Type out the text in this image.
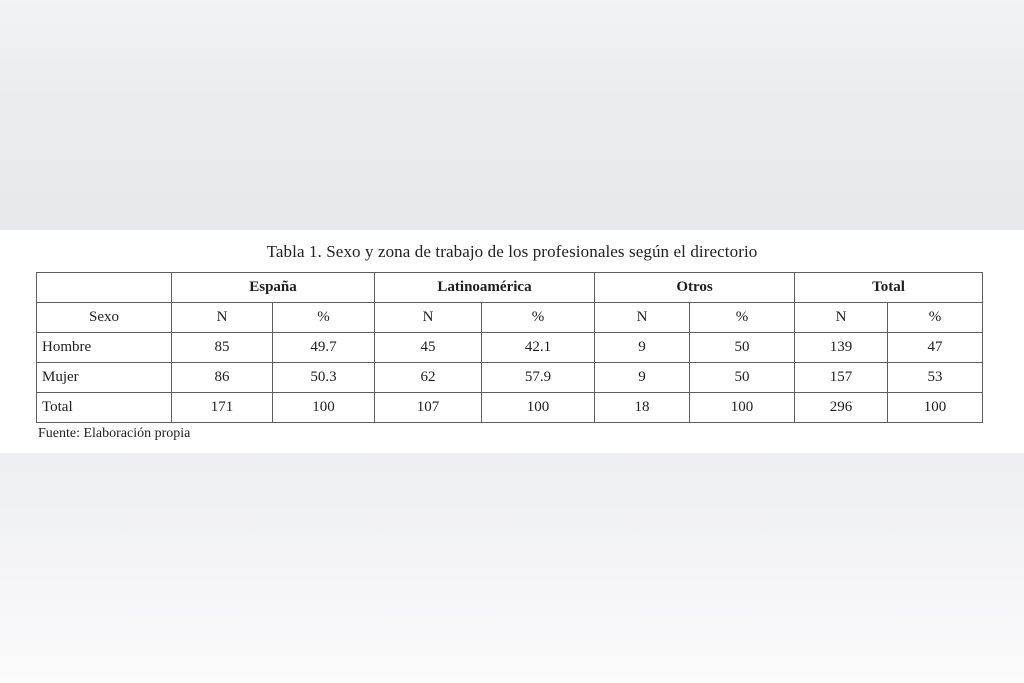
Tabla 1. Sexo y zona de trabajo de los profesionales según el directorio
	España		Latinoamérica		Otros		Total	
Sexo	N	%	N	%	N	%	N	%
Hombre	85	49.7	45	42.1	9	50	139	47
Mujer	86	50.3	62	57.9	9	50	157	53
Total	171	100	107	100	18	100	296	100
Fuente: Elaboración propia
